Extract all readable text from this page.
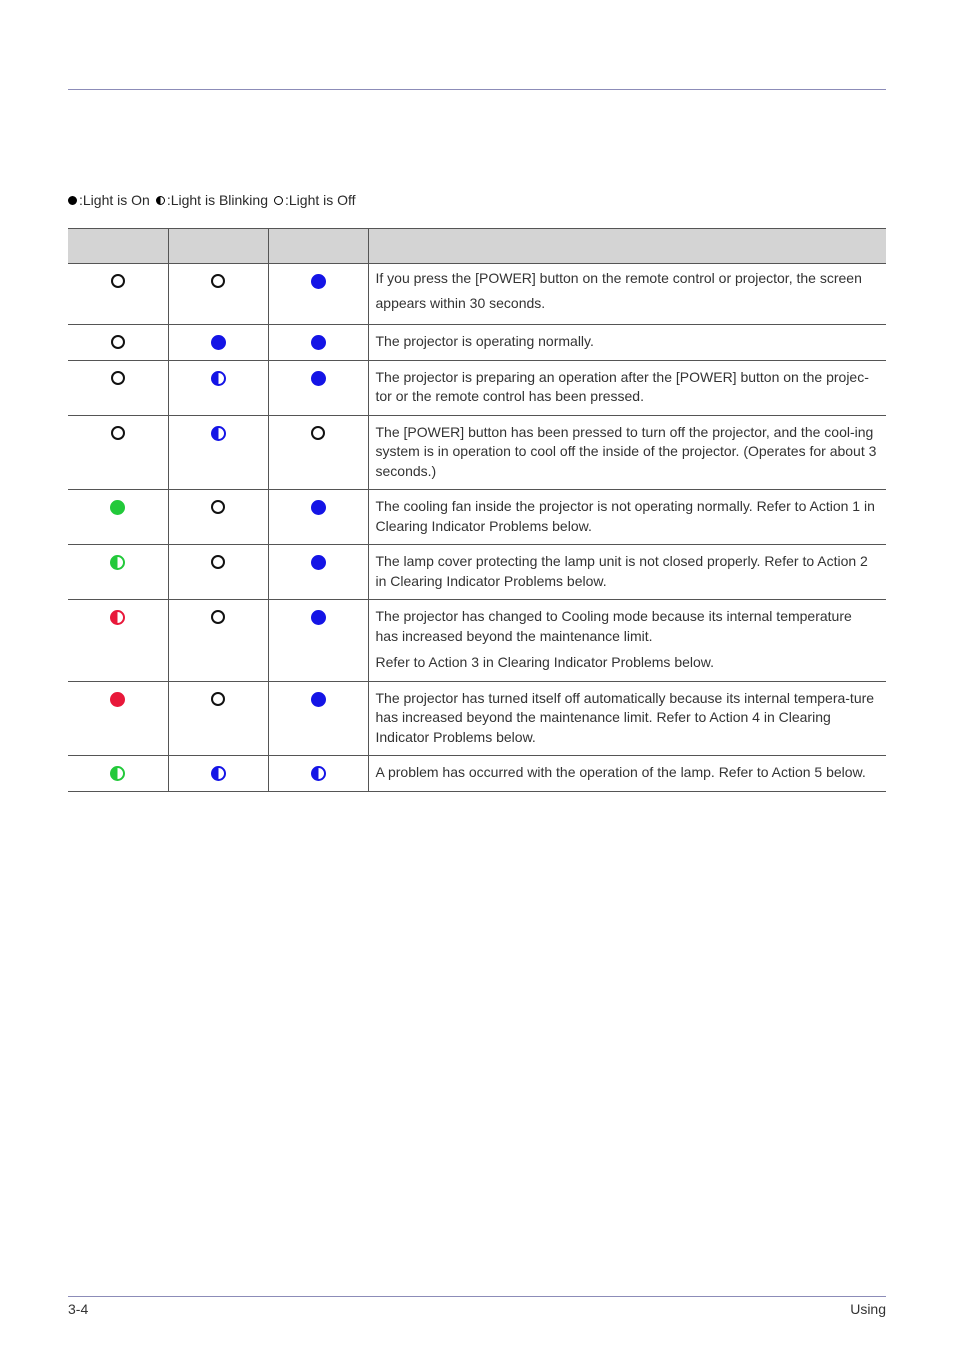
:Light is On :Light is Blinking :Light is Off

			If you press the [POWER] button on the remote control or projector, the screen appears within 30 seconds.

			The projector is operating normally.

			The projector is preparing an operation after the [POWER] button on the projec-tor or the remote control has been pressed.

			The [POWER] button has been pressed to turn off the projector, and the cool-ing system is in operation to cool off the inside of the projector. (Operates for about 3 seconds.)

			The cooling fan inside the projector is not operating normally. Refer to Action 1 in Clearing Indicator Problems below.

			The lamp cover protecting the lamp unit is not closed properly. Refer to Action 2 in Clearing Indicator Problems below.

			The projector has changed to Cooling mode because its internal temperature has increased beyond the maintenance limit.

Refer to Action 3 in Clearing Indicator Problems below.

			The projector has turned itself off automatically because its internal tempera-ture has increased beyond the maintenance limit. Refer to Action 4 in Clearing Indicator Problems below.

			A problem has occurred with the operation of the lamp. Refer to Action 5 below.

3-4	Using
